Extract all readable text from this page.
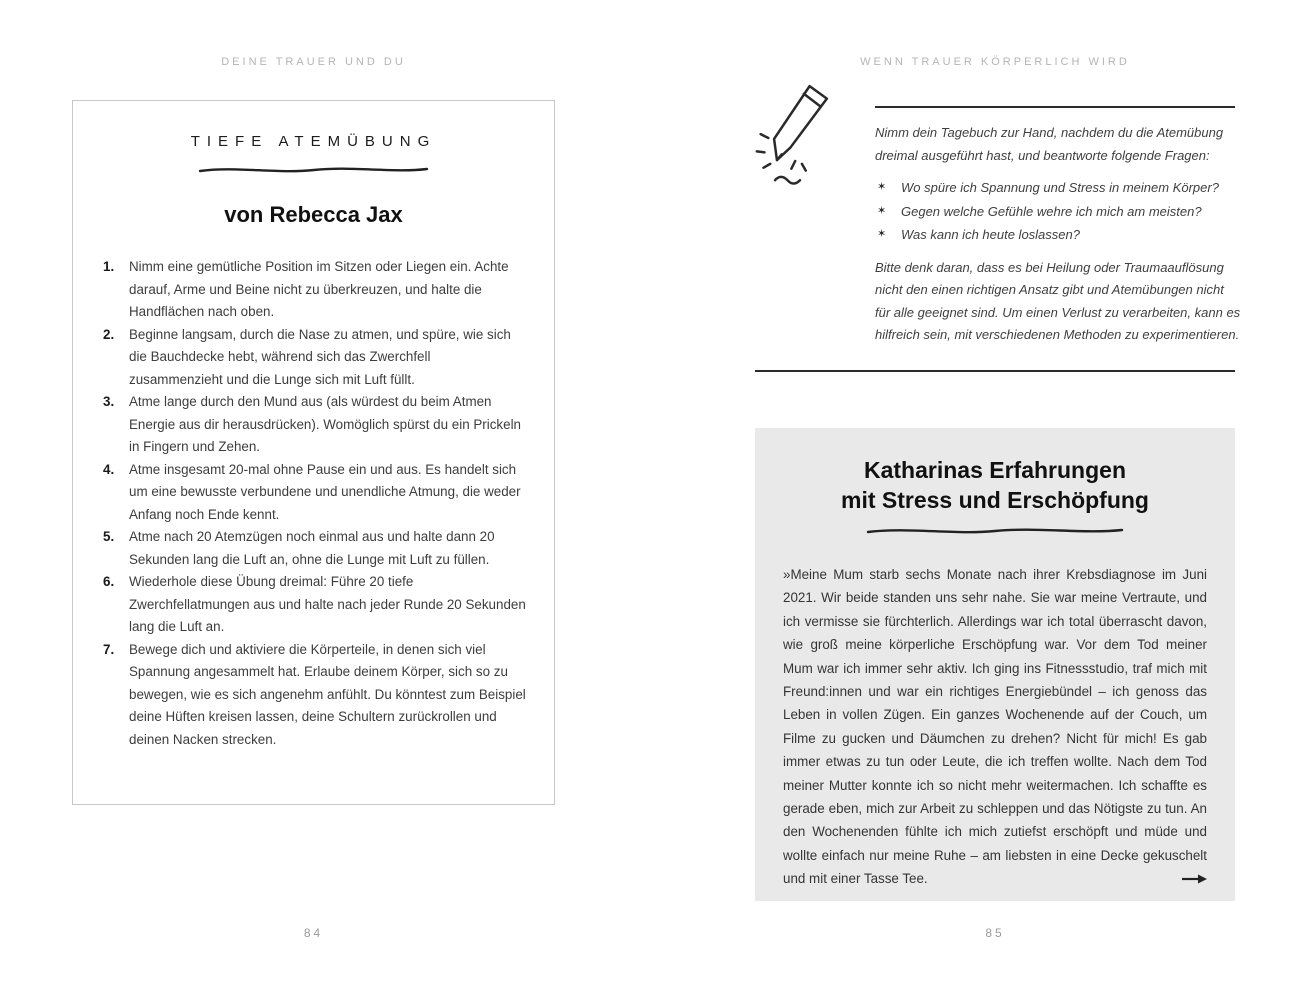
DEINE TRAUER UND DU
TIEFE ATEMÜBUNG
von Rebecca Jax
1.	Nimm eine gemütliche Position im Sitzen oder Liegen ein. Achte darauf, Arme und Beine nicht zu überkreuzen, und halte die Handflächen nach oben.
2.	Beginne langsam, durch die Nase zu atmen, und spüre, wie sich die Bauchdecke hebt, während sich das Zwerchfell zusammenzieht und die Lunge sich mit Luft füllt.
3.	Atme lange durch den Mund aus (als würdest du beim Atmen Energie aus dir herausdrücken). Womöglich spürst du ein Prickeln in Fingern und Zehen.
4.	Atme insgesamt 20-mal ohne Pause ein und aus. Es handelt sich um eine bewusste verbundene und unendliche Atmung, die weder Anfang noch Ende kennt.
5.	Atme nach 20 Atemzügen noch einmal aus und halte dann 20 Sekunden lang die Luft an, ohne die Lunge mit Luft zu füllen.
6.	Wiederhole diese Übung dreimal: Führe 20 tiefe Zwerchfellatmungen aus und halte nach jeder Runde 20 Sekunden lang die Luft an.
7.	Bewege dich und aktiviere die Körperteile, in denen sich viel Spannung angesammelt hat. Erlaube deinem Körper, sich so zu bewegen, wie es sich angenehm anfühlt. Du könntest zum Beispiel deine Hüften kreisen lassen, deine Schultern zurückrollen und deinen Nacken strecken.
84
WENN TRAUER KÖRPERLICH WIRD

Nimm dein Tagebuch zur Hand, nachdem du die Atemübung dreimal ausgeführt hast, und beantworte folgende Fragen:

✶	Wo spüre ich Spannung und Stress in meinem Körper?
✶	Gegen welche Gefühle wehre ich mich am meisten?
✶	Was kann ich heute loslassen?

Bitte denk daran, dass es bei Heilung oder Traumaauflösung nicht den einen richtigen Ansatz gibt und Atemübungen nicht für alle geeignet sind. Um einen Verlust zu verarbeiten, kann es hilfreich sein, mit verschiedenen Methoden zu experimentieren.

Katharinas Erfahrungen
mit Stress und Erschöpfung

»Meine Mum starb sechs Monate nach ihrer Krebsdiagnose im Juni 2021. Wir beide standen uns sehr nahe. Sie war meine Vertraute, und ich vermisse sie fürchterlich. Allerdings war ich total überrascht davon, wie groß meine körperliche Erschöpfung war. Vor dem Tod meiner Mum war ich immer sehr aktiv. Ich ging ins Fitnessstudio, traf mich mit Freund:innen und war ein richtiges Energiebündel – ich genoss das Leben in vollen Zügen. Ein ganzes Wochenende auf der Couch, um Filme zu gucken und Däumchen zu drehen? Nicht für mich! Es gab immer etwas zu tun oder Leute, die ich treffen wollte. Nach dem Tod meiner Mutter konnte ich so nicht mehr weitermachen. Ich schaffte es gerade eben, mich zur Arbeit zu schleppen und das Nötigste zu tun. An den Wochenenden fühlte ich mich zutiefst erschöpft und müde und wollte einfach nur meine Ruhe – am liebsten in eine Decke gekuschelt und mit einer Tasse Tee.

85
